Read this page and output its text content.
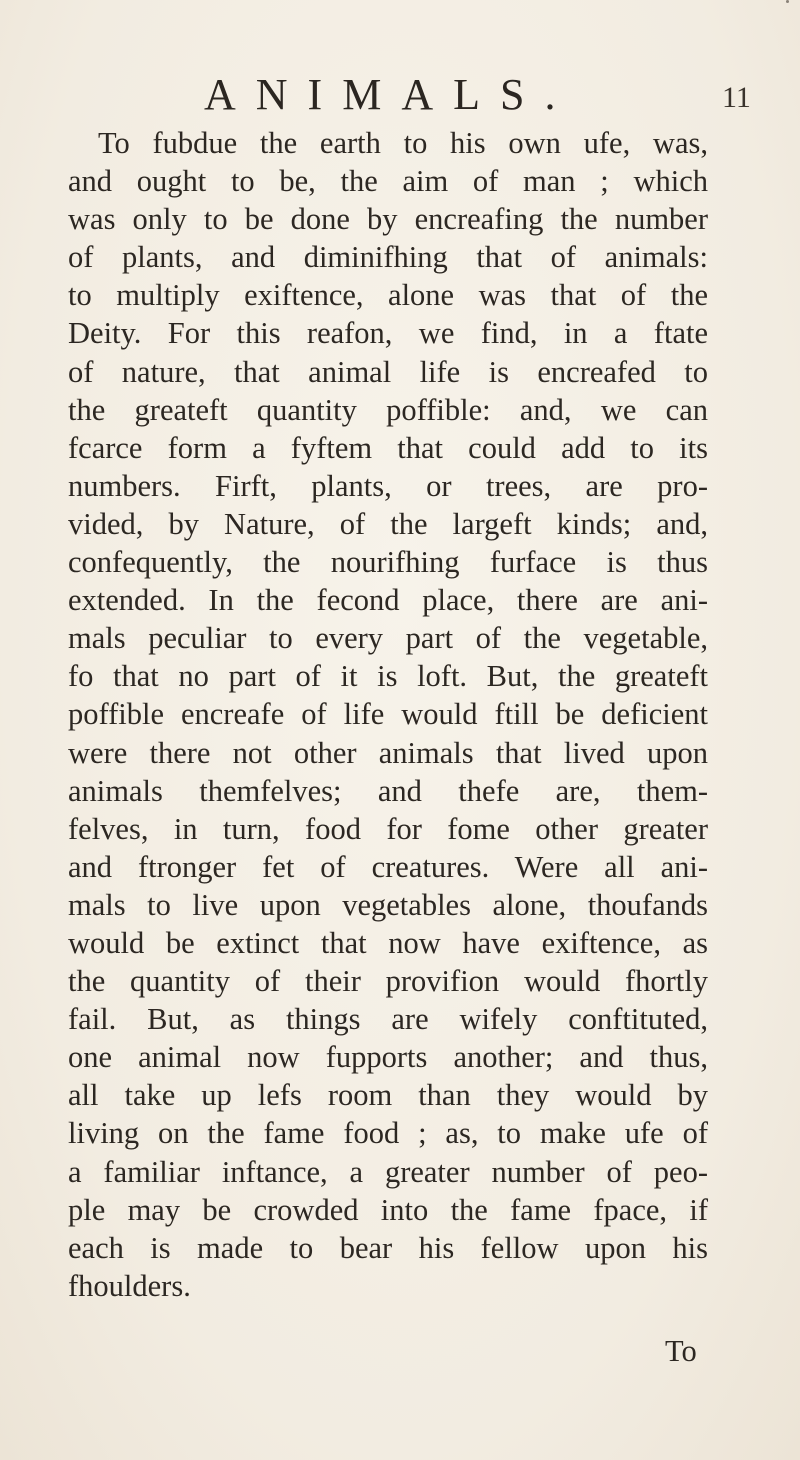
ANIMALS.	11
To fubdue the earth to his own ufe, was,
and ought to be, the aim of man ; which
was only to be done by encreafing the number
of plants, and diminifhing that of animals:
to multiply exiftence, alone was that of the
Deity. For this reafon, we find, in a ftate
of nature, that animal life is encreafed to
the greateft quantity poffible: and, we can
fcarce form a fyftem that could add to its
numbers. Firft, plants, or trees, are pro-
vided, by Nature, of the largeft kinds; and,
confequently, the nourifhing furface is thus
extended. In the fecond place, there are ani-
mals peculiar to every part of the vegetable,
fo that no part of it is loft. But, the greateft
poffible encreafe of life would ftill be deficient
were there not other animals that lived upon
animals themfelves; and thefe are, them-
felves, in turn, food for fome other greater
and ftronger fet of creatures. Were all ani-
mals to live upon vegetables alone, thoufands
would be extinct that now have exiftence, as
the quantity of their provifion would fhortly
fail. But, as things are wifely conftituted,
one animal now fupports another; and thus,
all take up lefs room than they would by
living on the fame food ; as, to make ufe of
a familiar inftance, a greater number of peo-
ple may be crowded into the fame fpace, if
each is made to bear his fellow upon his
fhoulders.
To
